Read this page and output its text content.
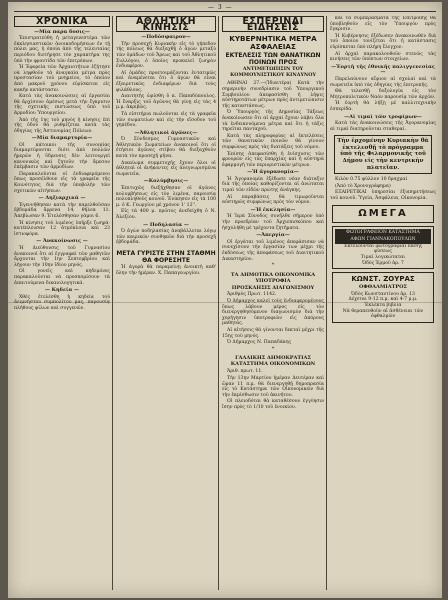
— 3 —
ΧΡΟΝΙΚΑ
—Μία παρα δοσις—

Ἐπιστρατεύθη ἡ μεταγενεστέρα τῶν ἐκκλησιαστικῶν ἀνοικοδομήσεων ἐν τῇ πόλει μας, ἡ ὁποία ἀπὸ τῆς τελευταίας περιόδου διετήρησε τὸν χαρακτῆρα της ὑπὸ τὴν φροντίδα τῶν ἐπιτρόπων.

Ἡ Ἐφορεία τῶν Ἀρχαιοτήτων ἐζήτησε νὰ ληφθοῦν τὰ ἀναγκαῖα μέτρα πρὸς προστασίαν τοῦ μνημείου, τὸ ὁποῖον ἀπὸ μακροῦ χρόνου εὑρίσκεται εἰς κακὴν κατάστασιν.

Κατὰ τὰς ἀνακοινώσεις αἱ ἐργασίαι θὰ ἀρχίσουν ἀμέσως μετὰ τὴν ἔγκρισιν τῆς σχετικῆς πιστώσεως ὑπὸ τοῦ ἁρμοδίου Ὑπουργείου.

Ἀπὸ τῆς 1ης τοῦ μηνὸς ἡ κίνησις ἐπὶ τῆς ὁδοῦ θὰ ρυθμίζεται κατὰ τὰς ὁδηγίας τῆς Ἀστυνομίας Πόλεων.

—Μία διαμαρτυρία—

Οἱ κάτοικοι τῆς συνοικίας διαμαρτύρονται διότι ἀπὸ πολλῶν ἡμερῶν ἡ ὕδρευσις δὲν λειτουργεῖ κανονικῶς καὶ ζητοῦν τὴν ἄμεσον ἐπέμβασιν τῶν ἁρμοδίων.

Παρακαλοῦνται οἱ ἐνδιαφερόμενοι ὅπως προσέλθουν εἰς τὰ γραφεῖα τῆς Κοινότητος διὰ τὴν ὑποβολὴν τῶν σχετικῶν αἰτήσεων.

— Ληξιαρχικά —

Ἐγεννήθησαν κατὰ τὴν παρελθοῦσαν ἑβδομάδα ἄρρενα 14, θήλεα 11. Ἀπεβίωσαν 9. Ἐτελέσθησαν γάμοι 6.

Ἡ κίνησις τοῦ λιμένος ὑπῆρξε ζωηρά· κατέπλευσαν 12 ἀτμόπλοια καὶ 23 ἱστιοφόρα.

— Ἀνακοίνωσις —

Ἡ Διεύθυνσις τοῦ Γυμνασίου ἀνακοινοῖ ὅτι αἱ ἐγγραφαὶ τῶν μαθητῶν ἄρχονται τὴν 1ην Σεπτεμβρίου καὶ λήγουν τὴν 10ην ἰδίου μηνός.

Οἱ γονεῖς καὶ κηδεμόνες παρακαλοῦνται νὰ προσκομίσουν τὰ ἀπαιτούμενα δικαιολογητικά.

— Κηδεία —

Χθὲς ἐτελέσθη ἡ κηδεία τοῦ ἀειμνήστου συμπολίτου μας, παρουσίᾳ πλήθους φίλων καὶ συγγενῶν.

ΑΘΛΗΤΙΚΗ ΚΙΝΗΣΙΣ
—Ποδόσφαιρον—

Τὴν προσεχῆ Κυριακὴν εἰς τὸ γήπεδον τῆς πόλεως θὰ διεξαχθῇ ὁ ἀγὼν μεταξὺ τῶν ὁμάδων τοῦ Ἄρεως καὶ τοῦ Ἀθλητικοῦ Συλλόγου, ὁ ὁποῖος προκαλεῖ ζωηρὸν ἐνδιαφέρον.

Αἱ ὁμάδες προετοιμάζονται ἐντατικῶς καὶ ἀναμένεται ὅτι ὁ ἀγὼν θὰ εἶναι ἐξαιρετικῶς ἐνδιαφέρων διὰ τοὺς φιλάθλους.

Διαιτητὴς ὡρίσθη ὁ κ. Παπαδόπουλος. Ἡ ἔναρξις τοῦ ἀγῶνος θὰ γίνῃ εἰς τὰς 4 μ.μ. ἀκριβῶς.

Τὰ εἰσιτήρια πωλοῦνται εἰς τὰ γραφεῖα τῶν σωματείων καὶ εἰς τὴν εἴσοδον τοῦ γηπέδου.

—Ἀθλητικοὶ ἀγῶνες—

Ὁ Σύνδεσμος Γυμναστικῶν καὶ Ἀθλητικῶν Σωματείων ἀνακοινοῖ ὅτι οἱ ἐτήσιοι ἀγῶνες στίβου θὰ διεξαχθοῦν κατὰ τὸν προσεχῆ μῆνα.

Δικαίωμα συμμετοχῆς ἔχουν ὅλοι οἱ ἀθληταὶ οἱ ἀνήκοντες εἰς ἀνεγνωρισμένα σωματεῖα.

—Κολύμβησις—

Ἐπιτυχῶς διεξήχθησαν οἱ ἀγῶνες κολυμβήσεως εἰς τὸν λιμένα, παρουσίᾳ πολυπληθοῦς κοινοῦ. Ἐνίκησεν εἰς τὰ 100 μ. ὁ Κ. Γεωργίου μὲ χρόνον 1' 12''.

Εἰς τὰ 400 μ. πρῶτος ἀνεδείχθη ὁ Ν. Ἀλεξίου.

— Ποδηλασία —

Ὁ ἀγὼν ποδηλασίας ἀναβάλλεται λόγῳ τῶν καιρικῶν συνθηκῶν διὰ τὴν προσεχῆ ἑβδομάδα.

ΜΕΤΑ ΓΥΡΙΣΤΕ ΣΤΗΝ ΣΤΑΘΜΗ ΘΑ ΦΟΡΕΣΗΤΕ
Ἡ ἀγορὰ θὰ παραμείνῃ ἀνοικτὴ καθ' ὅλην τὴν ἡμέραν. Χ. Παπαγεωργίου.
ΕΣΠΕΡΙΝΑΙ ΕΙΔΗΣΕΙΣ
ΚΥΒΕΡΝΗΤΙΚΑ ΜΕΤΡΑ ΑΣΦΑΛΕΙΑΣ
ΕΚΤΕΛΕΣΙΣ ΤΩΝ ΘΑΝΑΤΙΚΩΝ ΠΟΙΝΩΝ ΠΡΟΣ
ΑΝΤΙΜΕΤΩΠΙΣΙΝ ΤΟΥ ΚΟΜΜΟΥΝΙΣΤΙΚΟΥ ΚΙΝΔΥΝΟΥ

ΑΘΗΝΑΙ 27.—(Ἰδιαιτέρα) Κατὰ τὴν σημερινὴν συνεδρίασιν τοῦ Ὑπουργικοῦ Συμβουλίου ἀπεφασίσθη ἡ λῆψις αὐστηροτάτων μέτρων πρὸς ἀντιμετώπισιν τῆς καταστάσεως.

Ὁ Ὑπουργὸς τῆς Δημοσίας Τάξεως ἀνεκοίνωσεν ὅτι αἱ ἀρχαὶ ἔχουν λάβει ὅλα τὰ ἐνδεικνυόμενα μέτρα καὶ ὅτι ἡ τάξις τηρεῖται πανταχοῦ.

Κατὰ τὰς πληροφορίας αἱ ἐκτελέσεις τῶν θανατικῶν ποινῶν θὰ γίνουν συμφώνως πρὸς τὰς διατάξεις τοῦ νόμου.

Ἐπίσης ἀπεφασίσθη ἡ ἐνίσχυσις τῶν φρουρῶν εἰς τὰς ἐπαρχίας καὶ ἡ αὐστηρὰ ἐφαρμογὴ τῶν περιοριστικῶν μέτρων.

—Ἡ ἀγορανομία—

Ἡ Ἀγορανομία ἐξέδωσε νέαν διάταξιν διὰ τῆς ὁποίας καθορίζονται αἱ ἀνώταται τιμαὶ τῶν εἰδῶν πρώτης ἀνάγκης.

Αἱ παραβάσεις θὰ τιμωροῦνται αὐστηρῶς συμφώνως πρὸς τὸν νόμον.

—Ἡ ἐκκλησία—

Ἡ Ἱερὰ Σύνοδος συνῆλθε σήμερον ὑπὸ τὴν προεδρίαν τοῦ Ἀρχιεπισκόπου καὶ ἠσχολήθη μὲ τρέχοντα ζητήματα.

—Ἀπεργία—

Οἱ ἐργάται τοῦ λιμένος ἀπεφάσισαν νὰ συνεχίσουν τὴν ἐργασίαν των μέχρι τῆς ἐκδόσεως τῆς ἀποφάσεως τοῦ Διαιτητικοῦ Δικαστηρίου.

*
ΤΑ ΔΗΜΟΤΙΚΑ ΟΙΚΟΝΟΜΙΚΑ ΥΠΟΤΡΟΦΙΑ
ΠΡΟΣΚΛΗΣΙΣ ΔΙΑΓΩΝΙΣΜΟΥ

Ἀριθμὸς Πρωτ. 1142.

Ὁ Δήμαρχος καλεῖ τοὺς ἐνδιαφερομένους ὅπως λάβουν μέρος εἰς τὸν διενεργηθησόμενον διαγωνισμὸν διὰ τὴν χορήγησιν ὑποτροφιῶν εἰς ἀπόρους μαθητάς.

Αἱ αἰτήσεις θὰ γίνονται δεκταὶ μέχρι τῆς 15ης τοῦ μηνός.

Ὁ Δήμαρχος Ν. Παπαδάκης

*
ΓΑΛΛΙΚΗΣ ΔΗΜΟΚΡΑΤΙΑΣ ΚΑΤΑΣΤΗΜΑ ΟΙΚΟΝΟΜΙΚΩΝ

Ἀριθ. πρωτ. 11.

Τὴν 13ην Μαρτίου ἡμέραν Δευτέραν καὶ ὥραν 11 π.μ. θὰ διενεργηθῇ δημοπρασία εἰς τὸ Κατάστημα τῶν Οἰκονομικῶν διὰ τὴν ἐκμίσθωσιν τοῦ ἀκινήτου.

Οἱ πλειοδόται θὰ καταθέσουν ἐγγύησιν ἴσην πρὸς τὸ 1/10 τοῦ ἐνοικίου.

καὶ τὰ συμπεράσματα τῆς Ἐπιτροπῆς θὰ ὑποβληθοῦν εἰς τὸν Ὑπουργὸν πρὸς ἔγκρισιν.

Ἡ Κυβέρνησις ἐξέδωσεν ἀνακοινωθὲν διὰ τοῦ ὁποίου τονίζεται ὅτι ἡ κατάστασις εὑρίσκεται ὑπὸ πλήρη ἔλεγχον.

Αἱ ἀρχαὶ παρακολουθοῦν στενῶς τὰς κινήσεις τῶν ὑπόπτων στοιχείων.

—Ἑορτὴ τῆς ἐθνικῆς παλιγγενεσίας—

Παρελαύνουν αὔριον αἱ σχολαὶ καὶ τὰ σωματεῖα ὑπὸ τὰς ὁδηγίας τῆς ἐπιτροπῆς.

Θὰ τελεσθῇ δοξολογία εἰς τὸν Μητροπολιτικὸν Ναὸν παρουσίᾳ τῶν ἀρχῶν.

Ἡ ἑορτὴ θὰ λήξῃ μὲ καλλιτεχνικὴν ἑσπερίδα.

—Αἱ τιμαὶ τῶν τροφίμων—

Κατὰ τὰς ἀνακοινώσεις τῆς Ἀγορανομίας αἱ τιμαὶ διατηροῦνται σταθεραί.

Τὴν ἐρχομένην Κυριακὴν θὰ ἐκτελεσθῇ τὸ πρόγραμμα ὑπὸ τῆς Φιλαρμονικῆς τοῦ Δήμου εἰς τὴν κεντρικὴν πλατεῖαν.

Κιλὸν 0.75 φύλλον 10 δραχμαί

(Ἀπὸ τὸ Χρονογράφημα)

ΕΞΑΙΡΕΤΙΚΑΙ ὑπηρεσίαι ἐξυπηρετήσεως τοῦ κοινοῦ. Ὑγεία, Ἀσφάλεια, Οἰκονομία.

ΩΜΕΓΑ
ΦΩΤΟΓΡΑΦΕΙΟΝ ΚΑΤΑΣΤΗΜΑ
ΑΦΩΝ ΓΙΑΝΝΑΚΟΠΟΥΛΩΝ
Ἐκτελοῦνται φωτογραφίαι πάσης φύσεως
Τιμαὶ λογικώταται
Ὁδὸς Ἑρμοῦ ἀρ. 7
ΚΩΝΣΤ. ΖΟΥΡΑΣ
ΟΦΘΑΛΜΙΑΤΡΟΣ
Ὁδὸς Κωνσταντίνου ἀρ. 13
Δέχεται 9-12 π.μ. καὶ 4-7 μ.μ.
Ἐκλέκτα βιβλία
Νὰ θεραπευθοῦν αἱ ἀσθένειαι τῶν ὀφθαλμῶν
